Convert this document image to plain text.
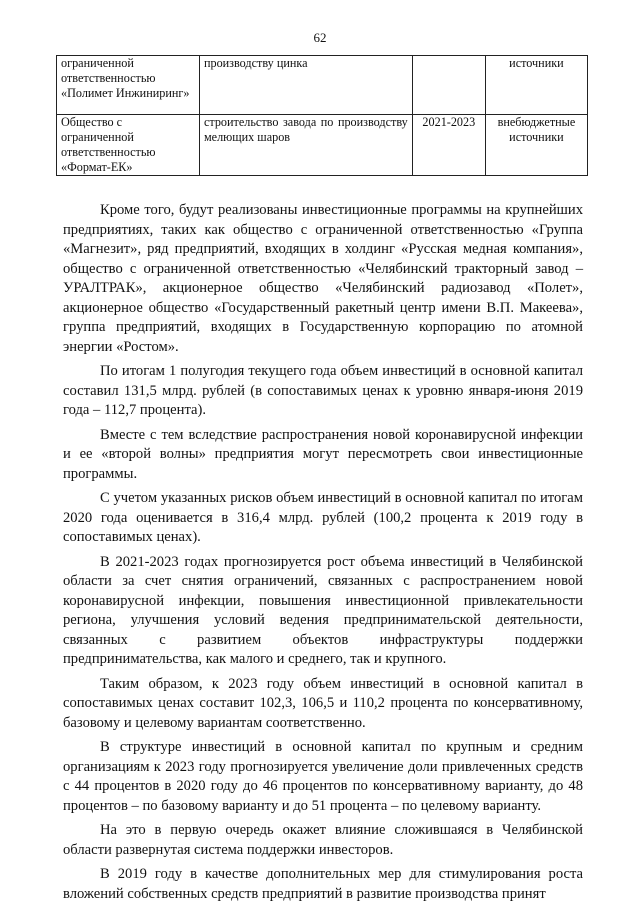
62
ограниченной ответственностью «Полимет Инжиниринг»	производству цинка		источники
Общество с ограниченной ответственностью «Формат-ЕК»	строительство завода по производству мелющих шаров	2021-2023	внебюджетные источники

Кроме того, будут реализованы инвестиционные программы на крупнейших предприятиях, таких как общество с ограниченной ответственностью «Группа «Магнезит», ряд предприятий, входящих в холдинг «Русская медная компания», общество с ограниченной ответственностью «Челябинский тракторный завод – УРАЛТРАК», акционерное общество «Челябинский радиозавод «Полет», акционерное общество «Государственный ракетный центр имени В.П. Макеева», группа предприятий, входящих в Государственную корпорацию по атомной энергии «Ростом».

По итогам 1 полугодия текущего года объем инвестиций в основной капитал составил 131,5 млрд. рублей (в сопоставимых ценах к уровню января-июня 2019 года – 112,7 процента).

Вместе с тем вследствие распространения новой коронавирусной инфекции и ее «второй волны» предприятия могут пересмотреть свои инвестиционные программы.

С учетом указанных рисков объем инвестиций в основной капитал по итогам 2020 года оценивается в 316,4 млрд. рублей (100,2 процента к 2019 году в сопоставимых ценах).

В 2021-2023 годах прогнозируется рост объема инвестиций в Челябинской области за счет снятия ограничений, связанных с распространением новой коронавирусной инфекции, повышения инвестиционной привлекательности региона, улучшения условий ведения предпринимательской деятельности, связанных с развитием объектов инфраструктуры поддержки предпринимательства, как малого и среднего, так и крупного.

Таким образом, к 2023 году объем инвестиций в основной капитал в сопоставимых ценах составит 102,3, 106,5 и 110,2 процента по консервативному, базовому и целевому вариантам соответственно.

В структуре инвестиций в основной капитал по крупным и средним организациям к 2023 году прогнозируется увеличение доли привлеченных средств с 44 процентов в 2020 году до 46 процентов по консервативному варианту, до 48 процентов – по базовому варианту и до 51 процента – по целевому варианту.

На это в первую очередь окажет влияние сложившаяся в Челябинской области развернутая система поддержки инвесторов.

В 2019 году в качестве дополнительных мер для стимулирования роста вложений собственных средств предприятий в развитие производства принят
